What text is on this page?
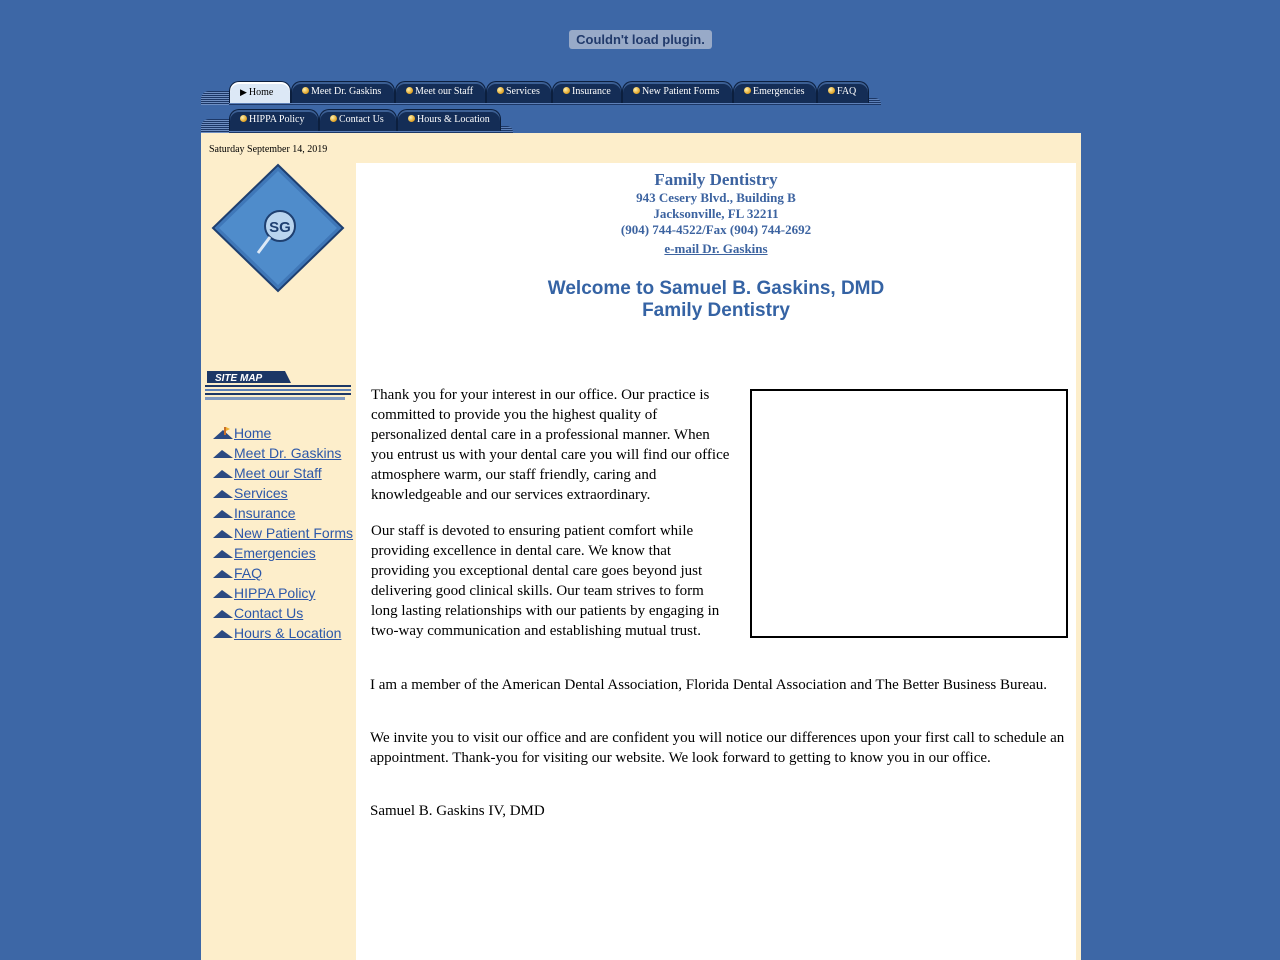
Couldn't load plugin.
▶ Home	Meet Dr. Gaskins	Meet our Staff	Services	Insurance	New Patient Forms	Emergencies	FAQ
HIPPA Policy	Contact Us	Hours & Location
Saturday September 14, 2019
SG
SITE MAP
Home
Meet Dr. Gaskins
Meet our Staff
Services
Insurance
New Patient Forms
Emergencies
FAQ
HIPPA Policy
Contact Us
Hours & Location
Family Dentistry
943 Cesery Blvd., Building B
Jacksonville, FL 32211
(904) 744-4522/Fax (904) 744-2692
e-mail Dr. Gaskins
Welcome to Samuel B. Gaskins, DMD
Family Dentistry

Thank you for your interest in our office. Our practice is committed to provide you the highest quality of personalized dental care in a professional manner. When you entrust us with your dental care you will find our office atmosphere warm, our staff friendly, caring and knowledgeable and our services extraordinary.

Our staff is devoted to ensuring patient comfort while providing excellence in dental care. We know that providing you exceptional dental care goes beyond just delivering good clinical skills. Our team strives to form long lasting relationships with our patients by engaging in two-way communication and establishing mutual trust.

I am a member of the American Dental Association, Florida Dental Association and The Better Business Bureau.

We invite you to visit our office and are confident you will notice our differences upon your first call to schedule an appointment. Thank-you for visiting our website. We look forward to getting to know you in our office.

Samuel B. Gaskins IV, DMD
